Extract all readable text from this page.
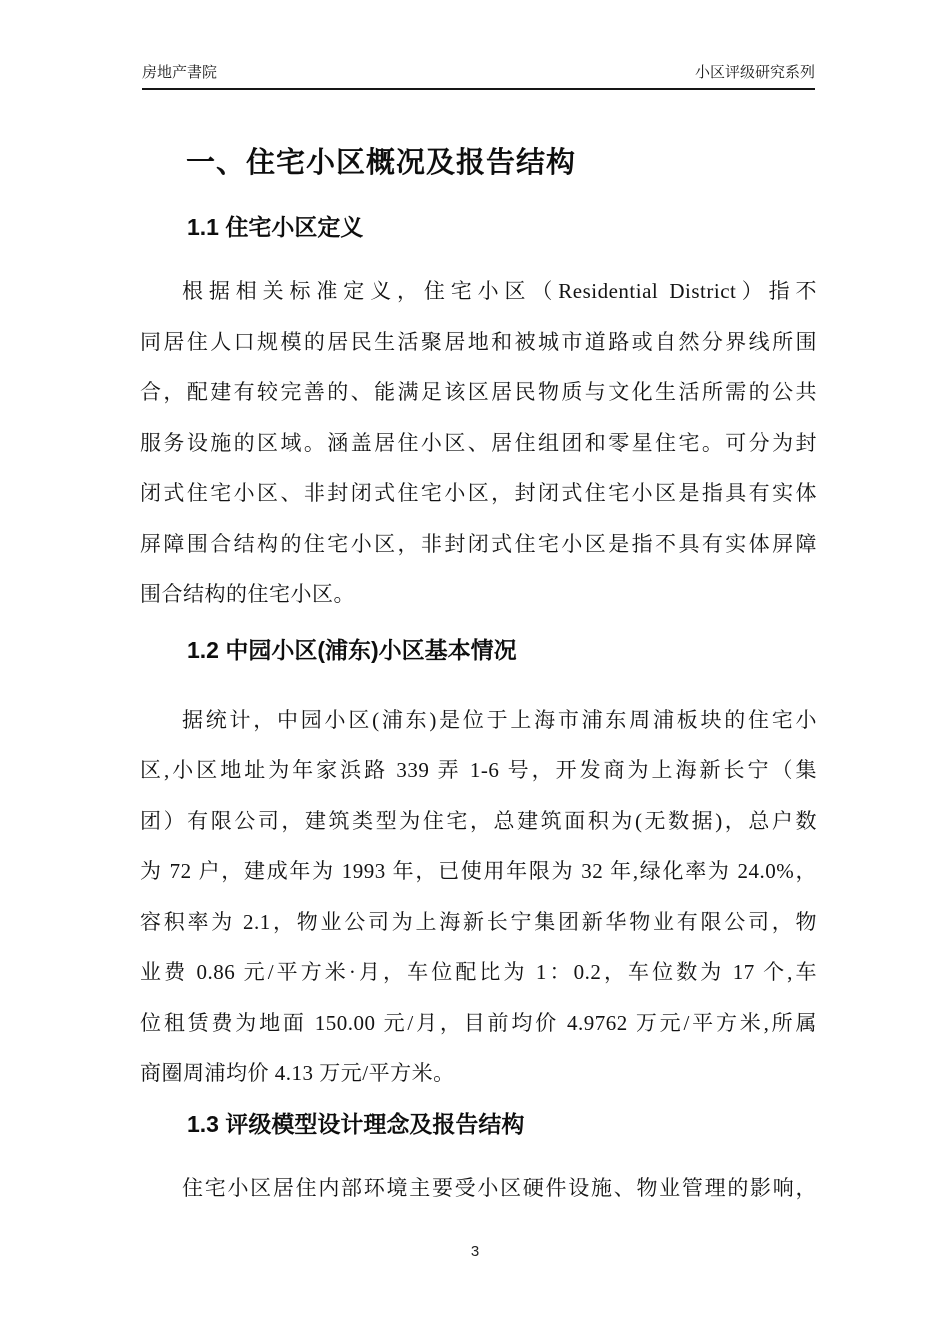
房地产書院	小区评级研究系列
一、住宅小区概况及报告结构
1.1 住宅小区定义
根据相关标准定义，住宅小区（Residential District）指不
同居住人口规模的居民生活聚居地和被城市道路或自然分界线所围
合，配建有较完善的、能满足该区居民物质与文化生活所需的公共
服务设施的区域。涵盖居住小区、居住组团和零星住宅。可分为封
闭式住宅小区、非封闭式住宅小区，封闭式住宅小区是指具有实体
屏障围合结构的住宅小区，非封闭式住宅小区是指不具有实体屏障
围合结构的住宅小区。
1.2 中园小区(浦东)小区基本情况
据统计，中园小区(浦东)是位于上海市浦东周浦板块的住宅小
区,小区地址为年家浜路 339 弄 1-6 号，开发商为上海新长宁（集
团）有限公司，建筑类型为住宅，总建筑面积为(无数据)，总户数
为 72 户，建成年为 1993 年，已使用年限为 32 年,绿化率为 24.0%，
容积率为 2.1，物业公司为上海新长宁集团新华物业有限公司，物
业费 0.86 元/平方米·月，车位配比为 1：0.2，车位数为 17 个,车
位租赁费为地面 150.00 元/月，目前均价 4.9762 万元/平方米,所属
商圈周浦均价 4.13 万元/平方米。
1.3 评级模型设计理念及报告结构
住宅小区居住内部环境主要受小区硬件设施、物业管理的影响，
3
